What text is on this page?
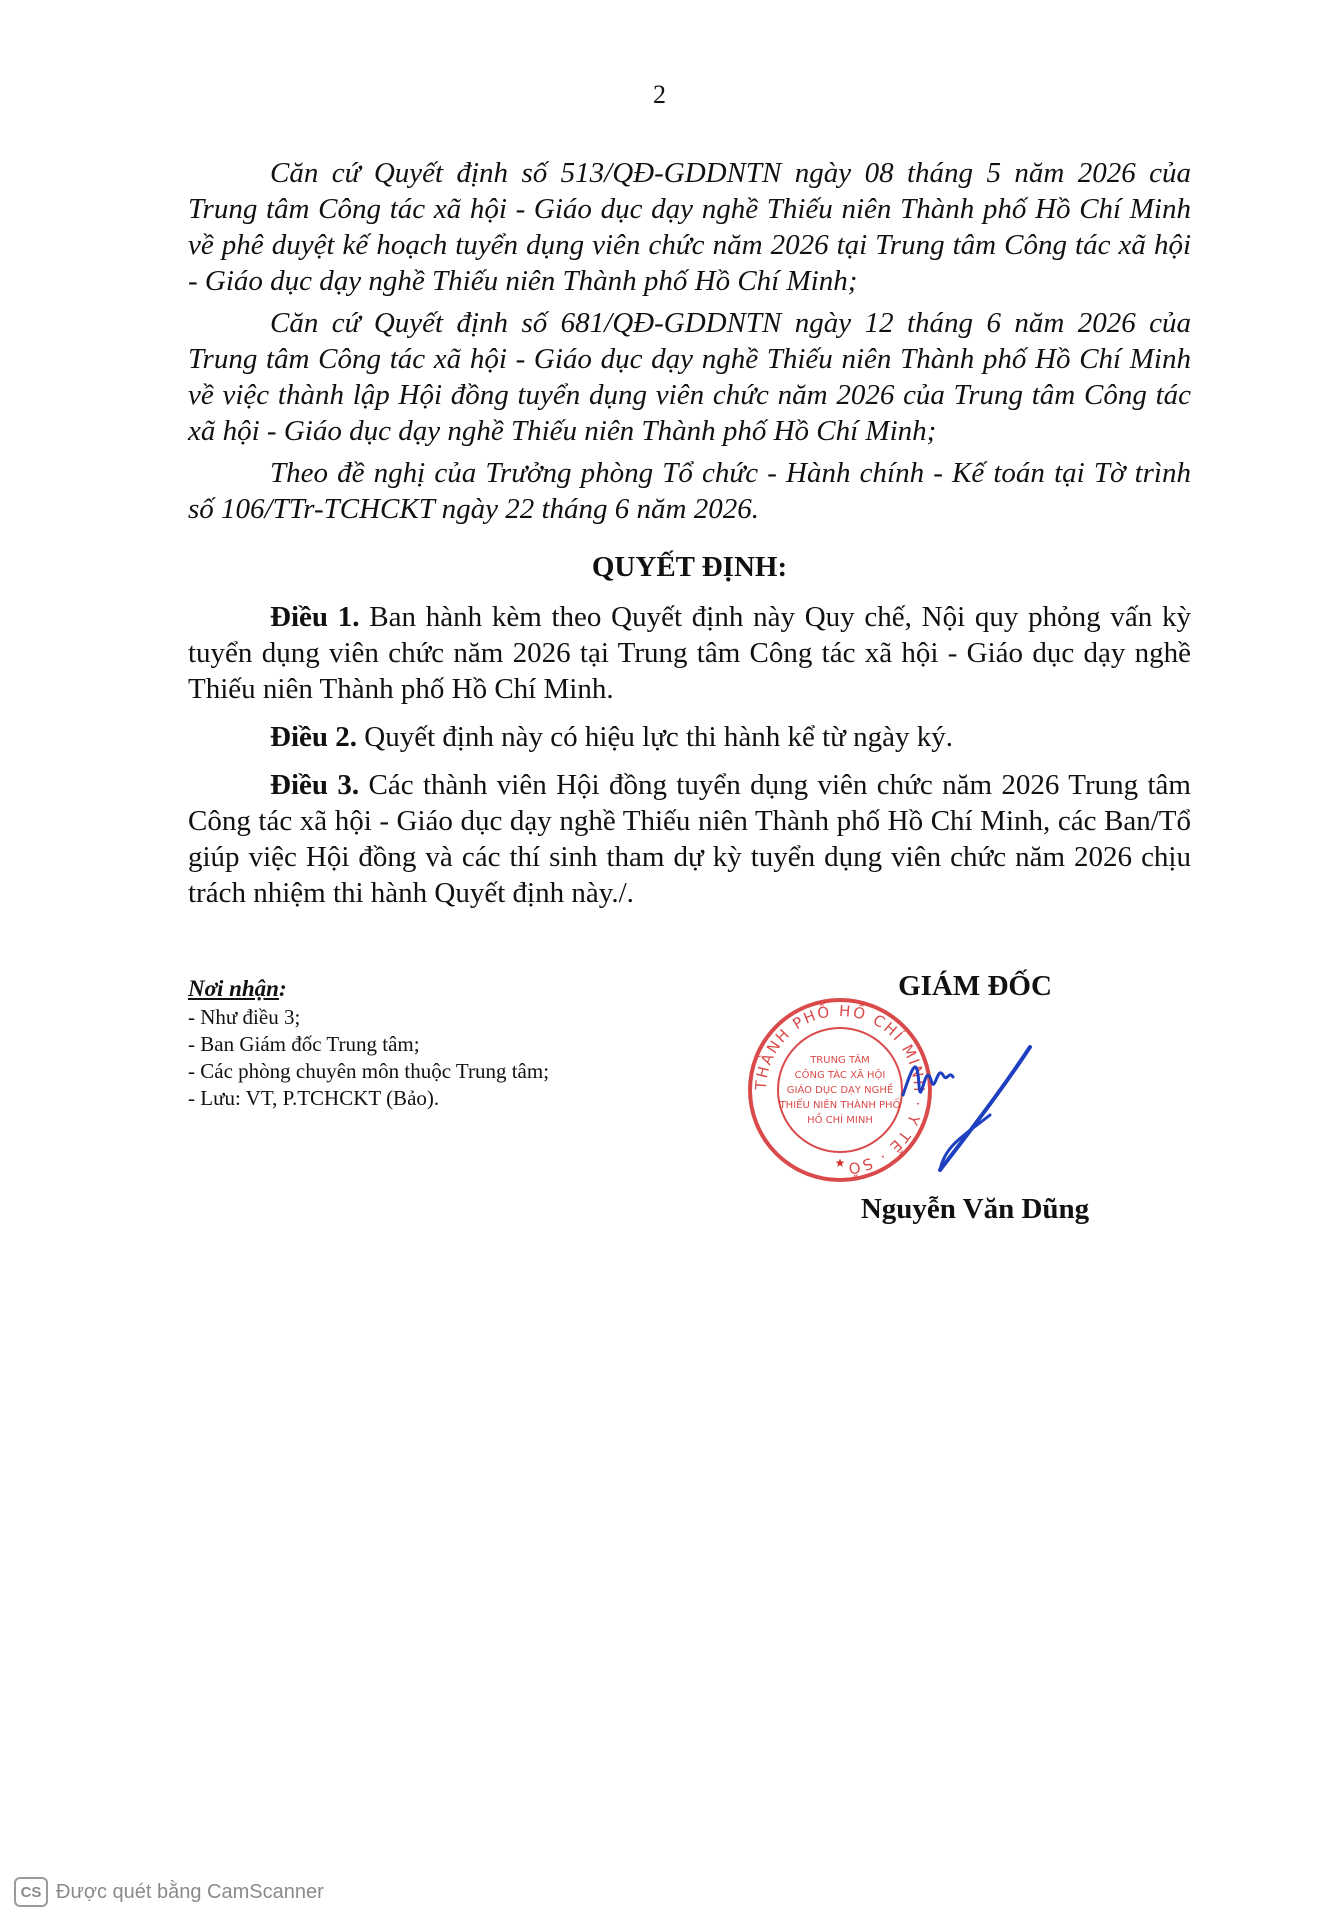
2

Căn cứ Quyết định số 513/QĐ-GDDNTN ngày 08 tháng 5 năm 2026 của Trung tâm Công tác xã hội - Giáo dục dạy nghề Thiếu niên Thành phố Hồ Chí Minh về phê duyệt kế hoạch tuyển dụng viên chức năm 2026 tại Trung tâm Công tác xã hội - Giáo dục dạy nghề Thiếu niên Thành phố Hồ Chí Minh;

Căn cứ Quyết định số 681/QĐ-GDDNTN ngày 12 tháng 6 năm 2026 của Trung tâm Công tác xã hội - Giáo dục dạy nghề Thiếu niên Thành phố Hồ Chí Minh về việc thành lập Hội đồng tuyển dụng viên chức năm 2026 của Trung tâm Công tác xã hội - Giáo dục dạy nghề Thiếu niên Thành phố Hồ Chí Minh;

Theo đề nghị của Trưởng phòng Tổ chức - Hành chính - Kế toán tại Tờ trình số 106/TTr-TCHCKT ngày 22 tháng 6 năm 2026.

QUYẾT ĐỊNH:

Điều 1. Ban hành kèm theo Quyết định này Quy chế, Nội quy phỏng vấn kỳ tuyển dụng viên chức năm 2026 tại Trung tâm Công tác xã hội - Giáo dục dạy nghề Thiếu niên Thành phố Hồ Chí Minh.

Điều 2. Quyết định này có hiệu lực thi hành kể từ ngày ký.

Điều 3. Các thành viên Hội đồng tuyển dụng viên chức năm 2026 Trung tâm Công tác xã hội - Giáo dục dạy nghề Thiếu niên Thành phố Hồ Chí Minh, các Ban/Tổ giúp việc Hội đồng và các thí sinh tham dự kỳ tuyển dụng viên chức năm 2026 chịu trách nhiệm thi hành Quyết định này./.

Nơi nhận:
- Như điều 3;
- Ban Giám đốc Trung tâm;
- Các phòng chuyên môn thuộc Trung tâm;
- Lưu: VT, P.TCHCKT (Bảo).
GIÁM ĐỐC
THÀNH PHỐ HỒ CHÍ MINH · Y TẾ · SỐ
TRUNG TÂM
CÔNG TÁC XÃ HỘI
GIÁO DỤC DẠY NGHỀ
THIẾU NIÊN THÀNH PHỐ
HỒ CHÍ MINH
★
Nguyễn Văn Dũng
CS Được quét bằng CamScanner
